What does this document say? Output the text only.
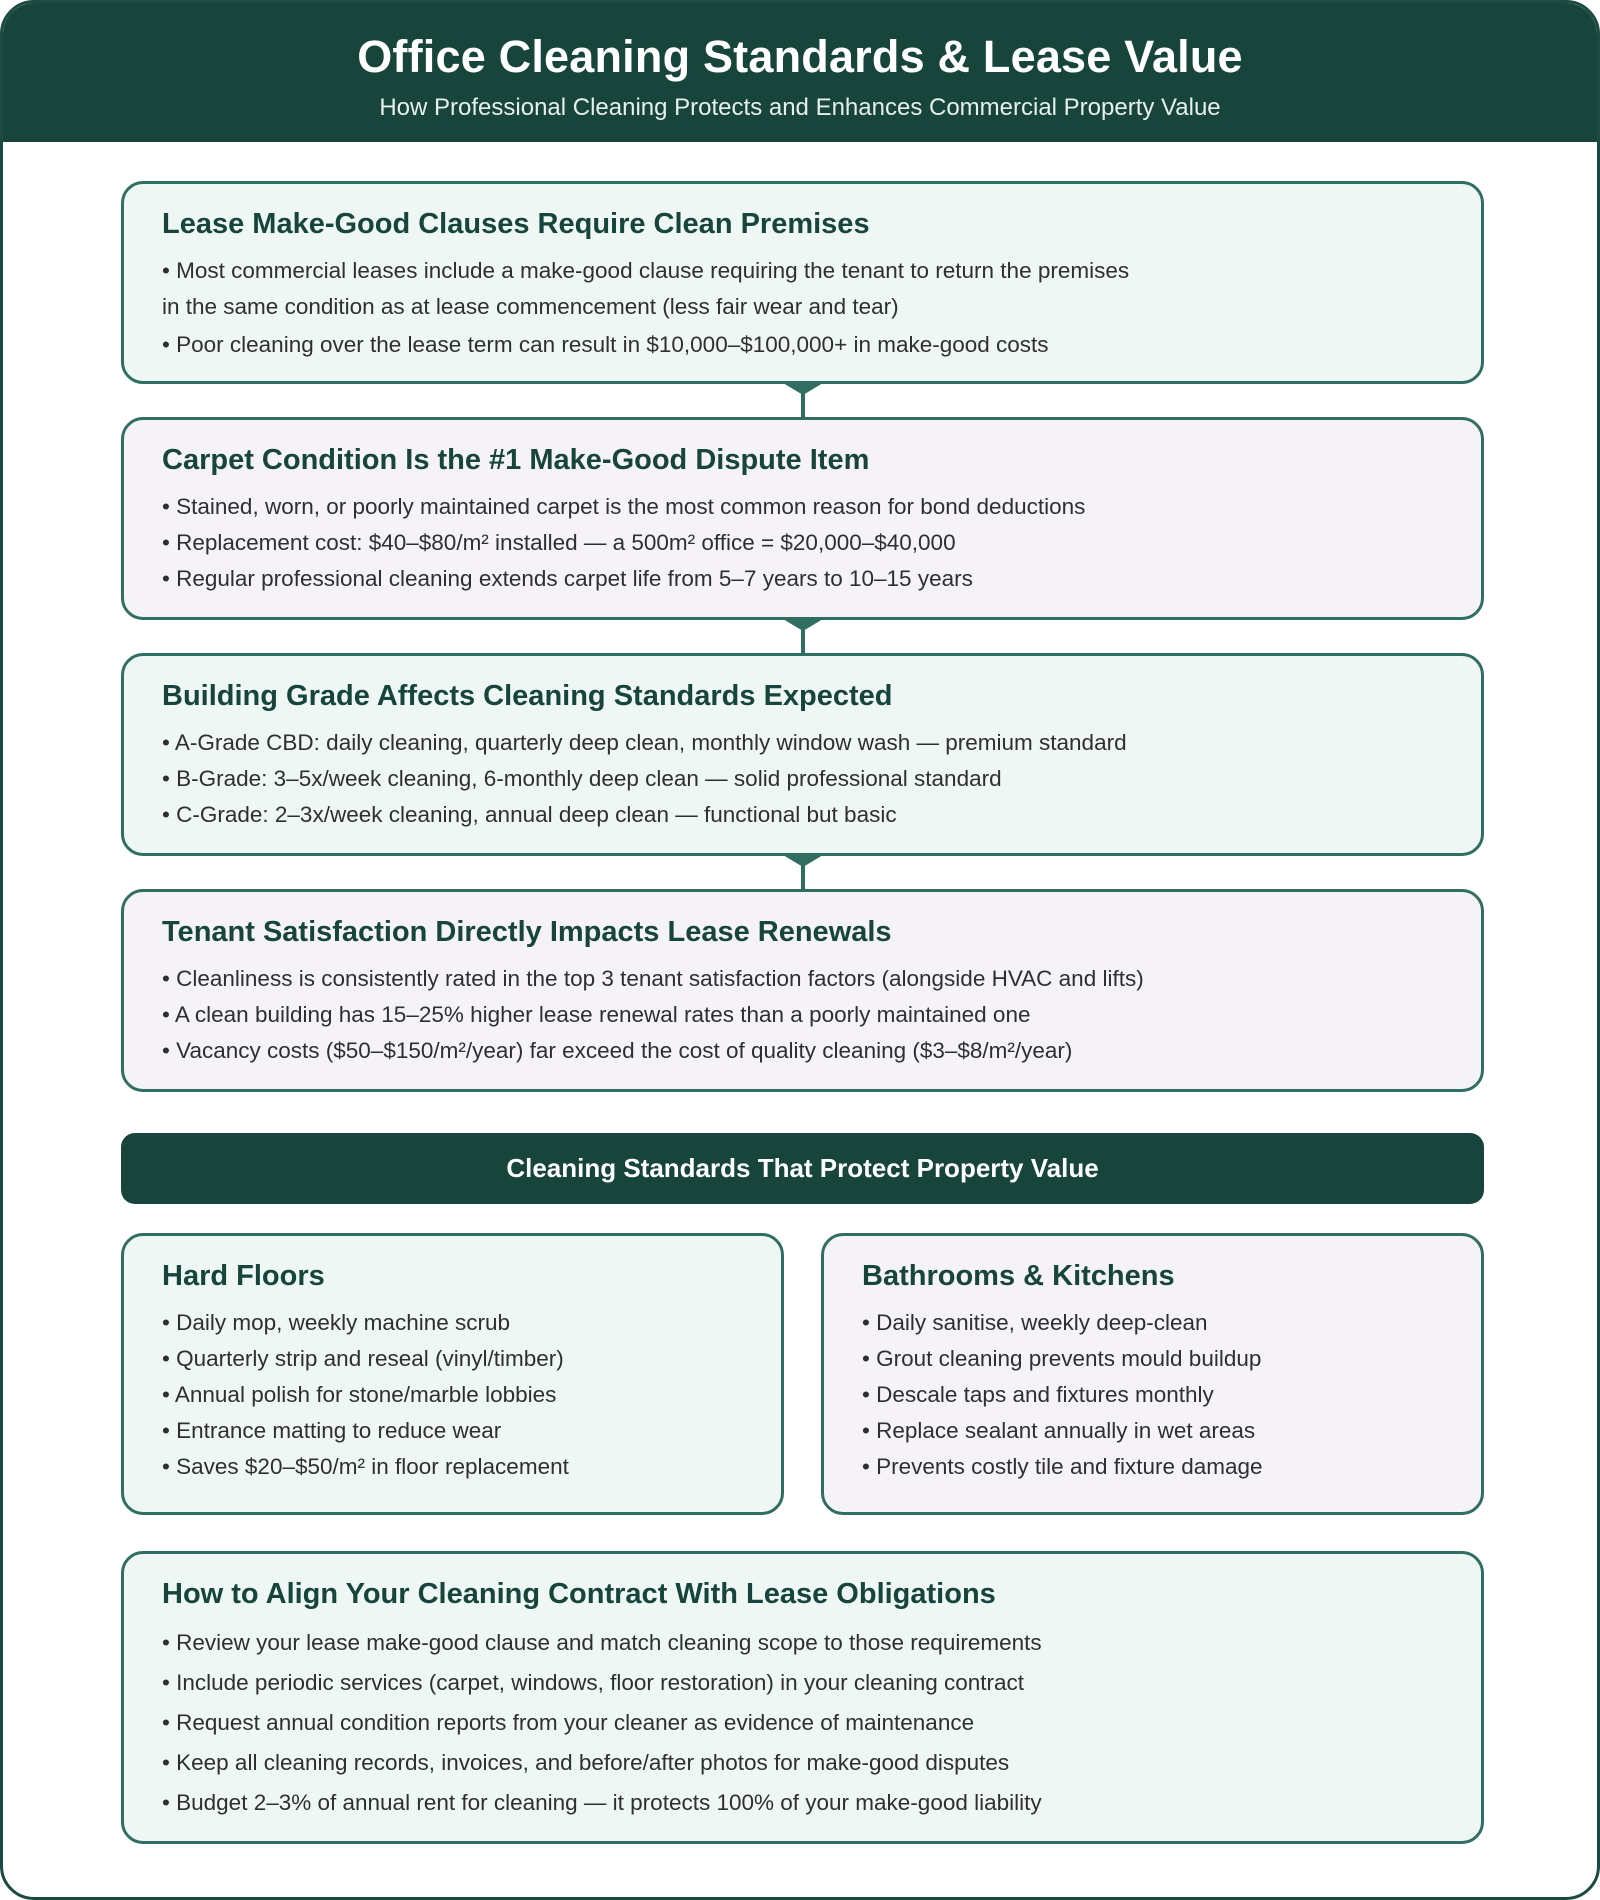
Office Cleaning Standards & Lease Value

How Professional Cleaning Protects and Enhances Commercial Property Value

Lease Make-Good Clauses Require Clean Premises
• Most commercial leases include a make-good clause requiring the tenant to return the premises in the same condition as at lease commencement (less fair wear and tear)
• Poor cleaning over the lease term can result in $10,000–$100,000+ in make-good costs
Carpet Condition Is the #1 Make-Good Dispute Item
• Stained, worn, or poorly maintained carpet is the most common reason for bond deductions
• Replacement cost: $40–$80/m² installed — a 500m² office = $20,000–$40,000
• Regular professional cleaning extends carpet life from 5–7 years to 10–15 years
Building Grade Affects Cleaning Standards Expected
• A-Grade CBD: daily cleaning, quarterly deep clean, monthly window wash — premium standard
• B-Grade: 3–5x/week cleaning, 6-monthly deep clean — solid professional standard
• C-Grade: 2–3x/week cleaning, annual deep clean — functional but basic
Tenant Satisfaction Directly Impacts Lease Renewals
• Cleanliness is consistently rated in the top 3 tenant satisfaction factors (alongside HVAC and lifts)
• A clean building has 15–25% higher lease renewal rates than a poorly maintained one
• Vacancy costs ($50–$150/m²/year) far exceed the cost of quality cleaning ($3–$8/m²/year)
Cleaning Standards That Protect Property Value
Hard Floors
• Daily mop, weekly machine scrub
• Quarterly strip and reseal (vinyl/timber)
• Annual polish for stone/marble lobbies
• Entrance matting to reduce wear
• Saves $20–$50/m² in floor replacement
Bathrooms & Kitchens
• Daily sanitise, weekly deep-clean
• Grout cleaning prevents mould buildup
• Descale taps and fixtures monthly
• Replace sealant annually in wet areas
• Prevents costly tile and fixture damage
How to Align Your Cleaning Contract With Lease Obligations
• Review your lease make-good clause and match cleaning scope to those requirements
• Include periodic services (carpet, windows, floor restoration) in your cleaning contract
• Request annual condition reports from your cleaner as evidence of maintenance
• Keep all cleaning records, invoices, and before/after photos for make-good disputes
• Budget 2–3% of annual rent for cleaning — it protects 100% of your make-good liability
